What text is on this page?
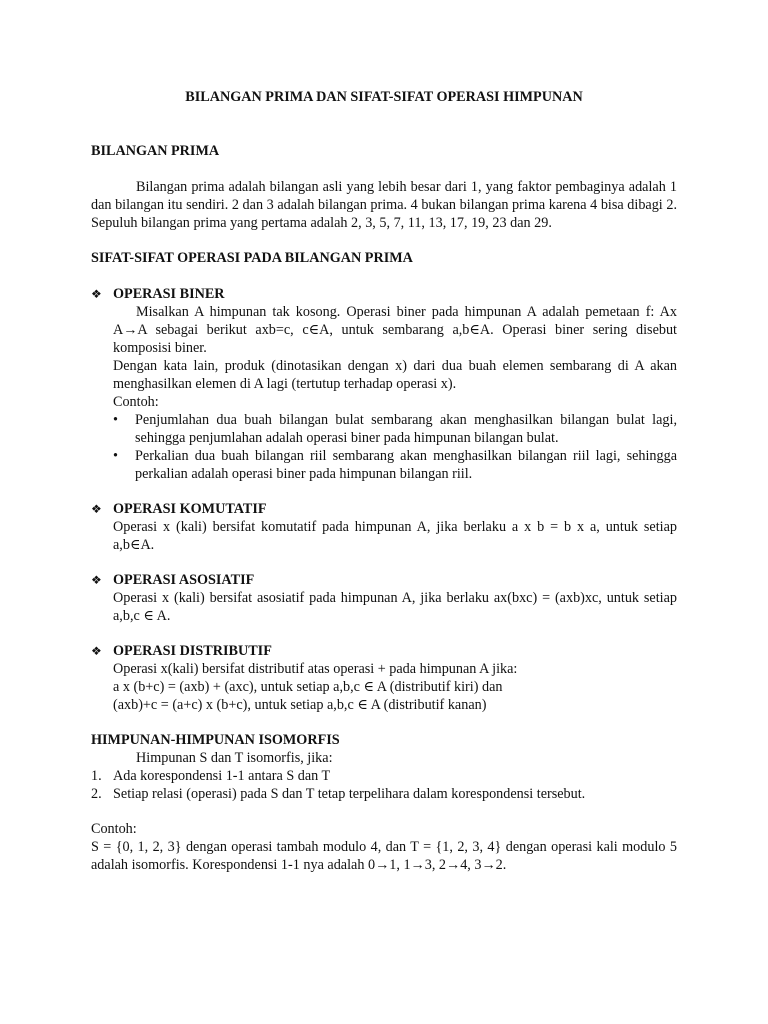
BILANGAN PRIMA DAN SIFAT-SIFAT OPERASI HIMPUNAN
BILANGAN PRIMA

Bilangan prima adalah bilangan asli yang lebih besar dari 1, yang faktor pembaginya adalah 1 dan bilangan itu sendiri. 2 dan 3 adalah bilangan prima. 4 bukan bilangan prima karena 4 bisa dibagi 2. Sepuluh bilangan prima yang pertama adalah 2, 3, 5, 7, 11, 13, 17, 19, 23 dan 29.

SIFAT-SIFAT OPERASI PADA BILANGAN PRIMA
❖ OPERASI BINER

Misalkan A himpunan tak kosong. Operasi biner pada himpunan A adalah pemetaan f: Ax A→A sebagai berikut axb=c, c∈A, untuk sembarang a,b∈A. Operasi biner sering disebut komposisi biner.

Dengan kata lain, produk (dinotasikan dengan x) dari dua buah elemen sembarang di A akan menghasilkan elemen di A lagi (tertutup terhadap operasi x).

Contoh:

•	Penjumlahan dua buah bilangan bulat sembarang akan menghasilkan bilangan bulat lagi, sehingga penjumlahan adalah operasi biner pada himpunan bilangan bulat.
•	Perkalian dua buah bilangan riil sembarang akan menghasilkan bilangan riil lagi, sehingga perkalian adalah operasi biner pada himpunan bilangan riil.
❖ OPERASI KOMUTATIF

Operasi x (kali) bersifat komutatif pada himpunan A, jika berlaku a x b = b x a, untuk setiap a,b∈A.

❖ OPERASI ASOSIATIF

Operasi x (kali) bersifat asosiatif pada himpunan A, jika berlaku ax(bxc) = (axb)xc, untuk setiap a,b,c ∈ A.

❖ OPERASI DISTRIBUTIF

Operasi x(kali) bersifat distributif atas operasi + pada himpunan A jika:

a x (b+c) = (axb) + (axc), untuk setiap a,b,c ∈ A (distributif kiri) dan

(axb)+c = (a+c) x (b+c), untuk setiap a,b,c ∈ A (distributif kanan)

HIMPUNAN-HIMPUNAN ISOMORFIS

Himpunan S dan T isomorfis, jika:

1. Ada korespondensi 1-1 antara S dan T
2. Setiap relasi (operasi) pada S dan T tetap terpelihara dalam korespondensi tersebut.

Contoh:

S = {0, 1, 2, 3} dengan operasi tambah modulo 4, dan T = {1, 2, 3, 4} dengan operasi kali modulo 5 adalah isomorfis. Korespondensi 1-1 nya adalah 0→1, 1→3, 2→4, 3→2.
